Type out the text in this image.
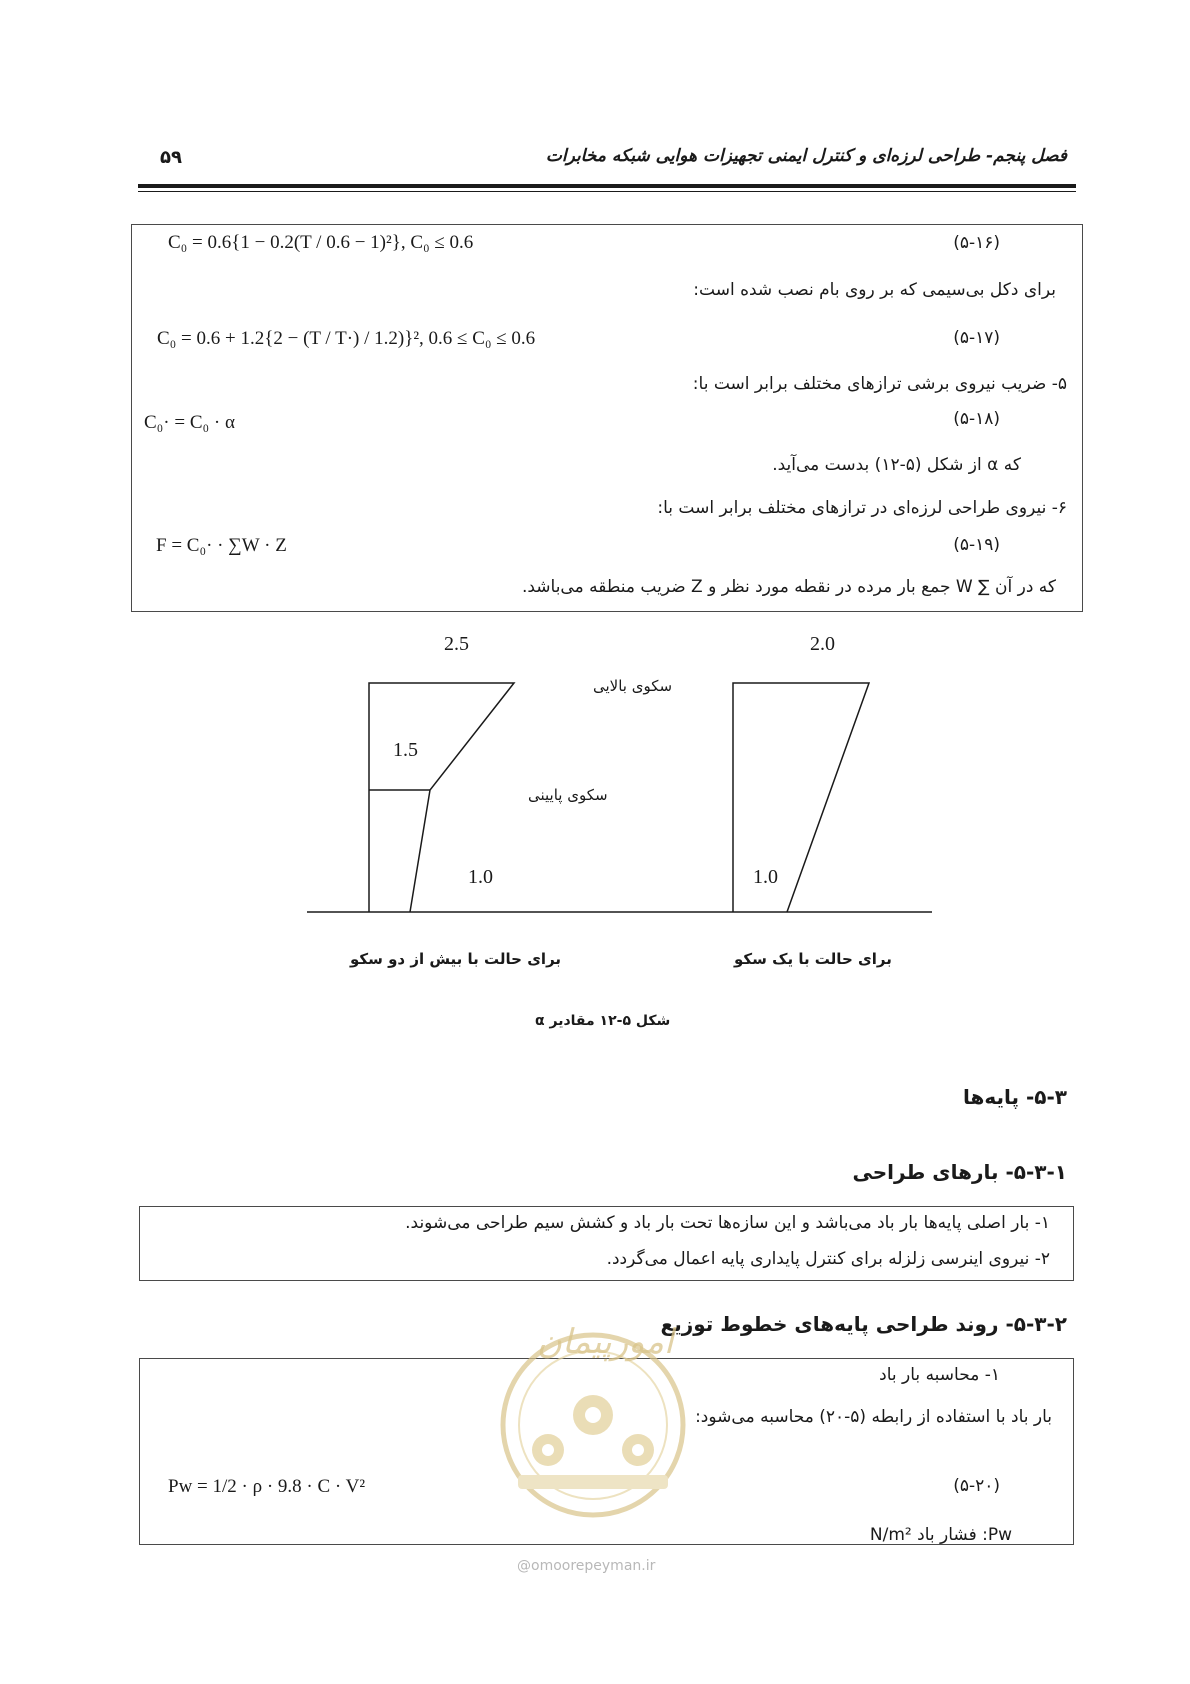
۵۹	فصل پنجم- طراحی لرزه‌ای و کنترل ایمنی تجهیزات هوایی شبکه مخابرات
C₀ = 0.6{1 − 0.2(T / 0.6 − 1)²}, C₀ ≤ 0.6	(۵-۱۶)
برای دکل بی‌سیمی که بر روی بام نصب شده است:
C₀ = 0.6 + 1.2{2 − (T / T·) / 1.2)}², 0.6 ≤ C₀ ≤ 0.6	(۵-۱۷)
۵- ضریب نیروی برشی ترازهای مختلف برابر است با:
C₀· = C₀ · α	(۵-۱۸)
که α از شکل (۵-۱۲) بدست می‌آید.
۶- نیروی طراحی لرزه‌ای در ترازهای مختلف برابر است با:
F = C₀· · ∑W · Z	(۵-۱۹)
که در آن ∑ W جمع بار مرده در نقطه مورد نظر و Z ضریب منطقه می‌باشد.
2.5	2.0
سکوی بالایی
1.5
سکوی پایینی
1.0	1.0
برای حالت با بیش از دو سکو	برای حالت با یک سکو
شکل ۵-۱۲ مقادیر α
۵-۳- پایه‌ها
۵-۳-۱- بارهای طراحی
۱- بار اصلی پایه‌ها بار باد می‌باشد و این سازه‌ها تحت بار باد و کشش سیم طراحی می‌شوند.
۲- نیروی اینرسی زلزله برای کنترل پایداری پایه اعمال می‌گردد.
۵-۳-۲- روند طراحی پایه‌های خطوط توزیع
امورپیمان
@omoorepeyman.ir
۱- محاسبه بار باد
بار باد با استفاده از رابطه (۵-۲۰) محاسبه می‌شود:
Pw = 1/2 · ρ · 9.8 · C · V²	(۵-۲۰)
N/m² فشار باد :Pw
